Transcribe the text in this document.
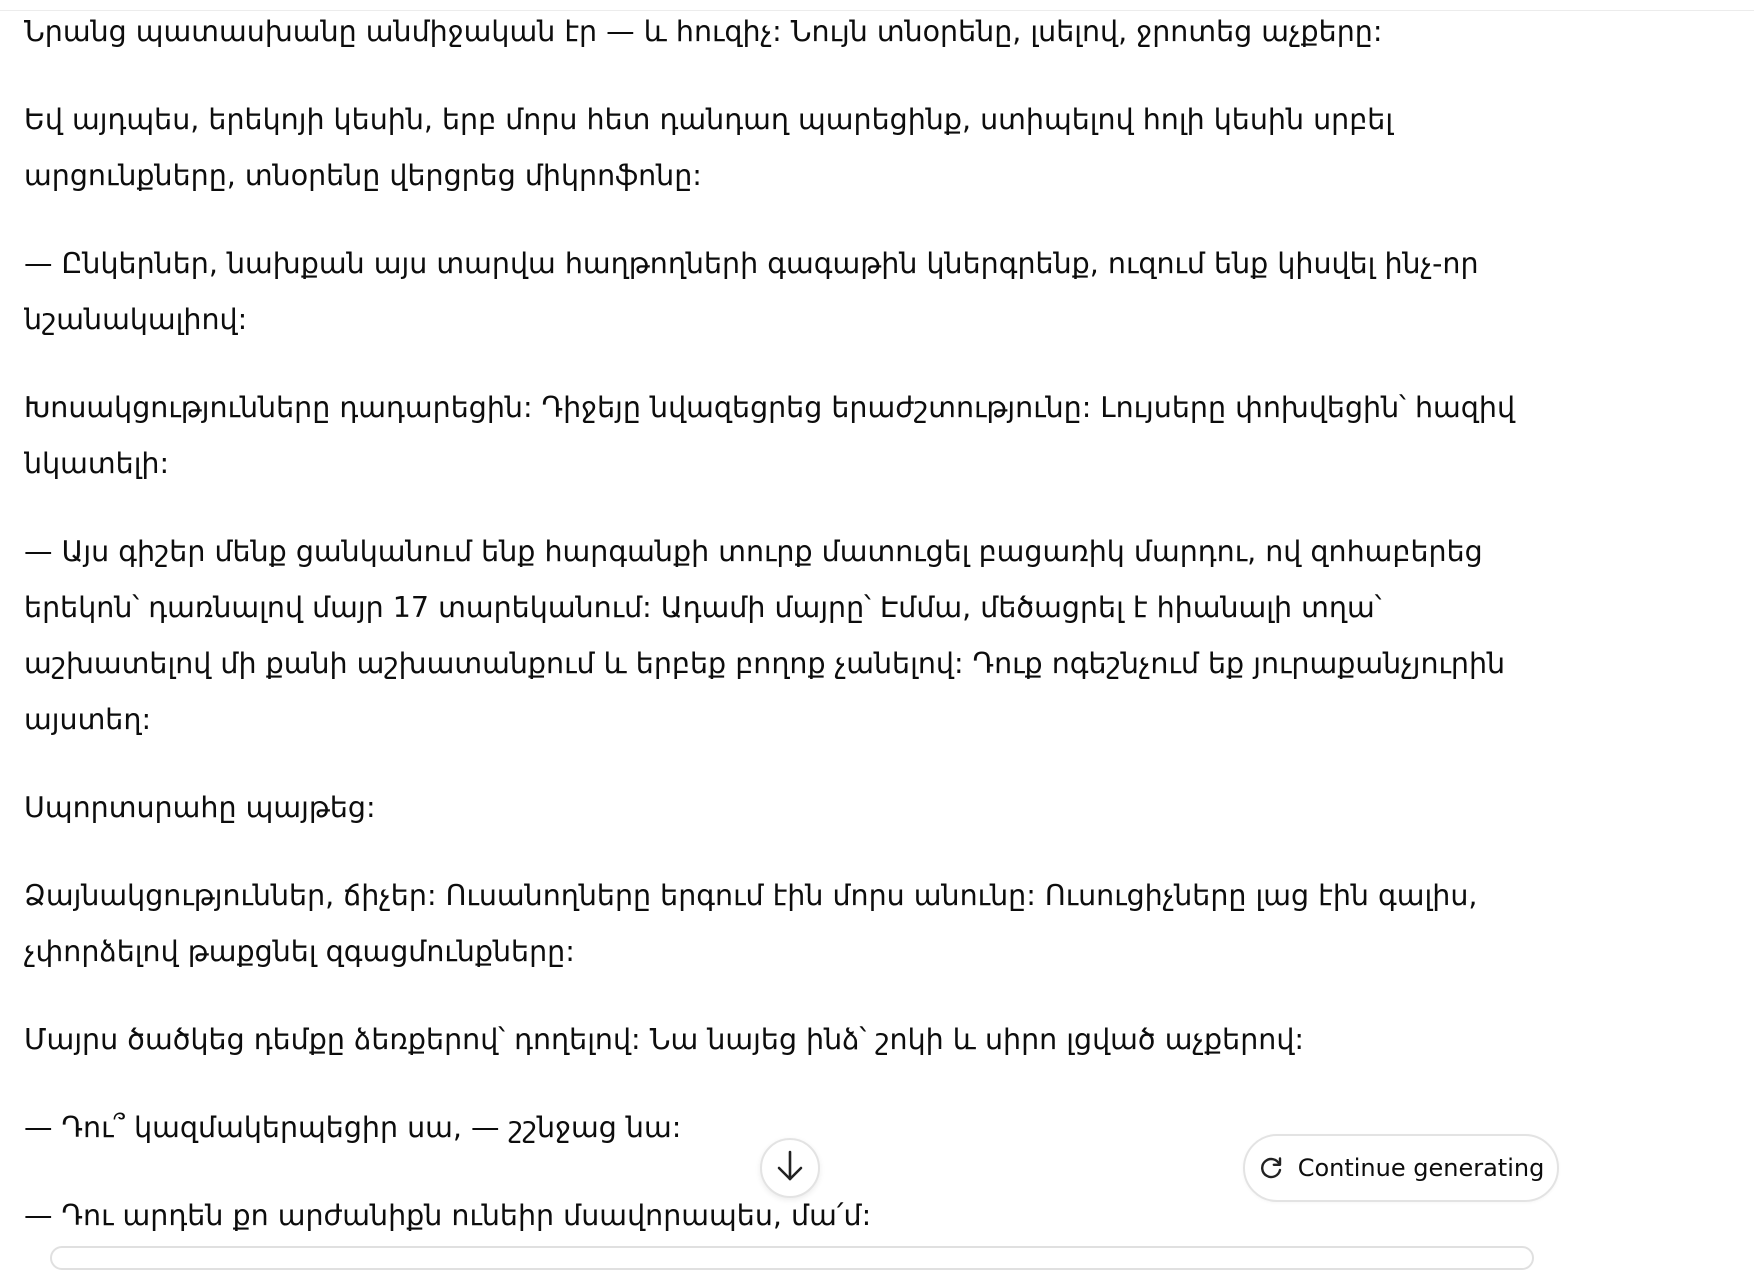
Նրանց պատասխանը անմիջական էր — և հուզիչ: Նույն տնօրենը, լսելով, ջրոտեց աչքերը:

Եվ այդպես, երեկոյի կեսին, երբ մորս հետ դանդաղ պարեցինք, ստիպելով հոլի կեսին սրբել արցունքները, տնօրենը վերցրեց միկրոֆոնը:

— Ընկերներ, նախքան այս տարվա հաղթողների գագաթին կներգրենք, ուզում ենք կիսվել ինչ-որ նշանակալիով:

Խոսակցությունները դադարեցին: Դիջեյը նվազեցրեց երաժշտությունը: Լույսերը փոխվեցին՝ հազիվ նկատելի:

— Այս գիշեր մենք ցանկանում ենք հարգանքի տուրք մատուցել բացառիկ մարդու, ով զոհաբերեց երեկոն՝ դառնալով մայր 17 տարեկանում: Ադամի մայրը՝ Էմմա, մեծացրել է հիանալի տղա՝ աշխատելով մի քանի աշխատանքում և երբեք բողոք չանելով: Դուք ոգեշնչում եք յուրաքանչյուրին այստեղ:

Սպորտսրահը պայթեց:

Ձայնակցություններ, ճիչեր: Ուսանողները երգում էին մորս անունը: Ուսուցիչները լաց էին գալիս, չփորձելով թաքցնել զգացմունքները:

Մայրս ծածկեց դեմքը ձեռքերով՝ դողելով: Նա նայեց ինձ՝ շոկի և սիրո լցված աչքերով:

— Դու՞ կազմակերպեցիր սա, — շշնջաց նա:

— Դու արդեն քո արժանիքն ունեիր մսավորապես, մա՛մ:

Continue generating
